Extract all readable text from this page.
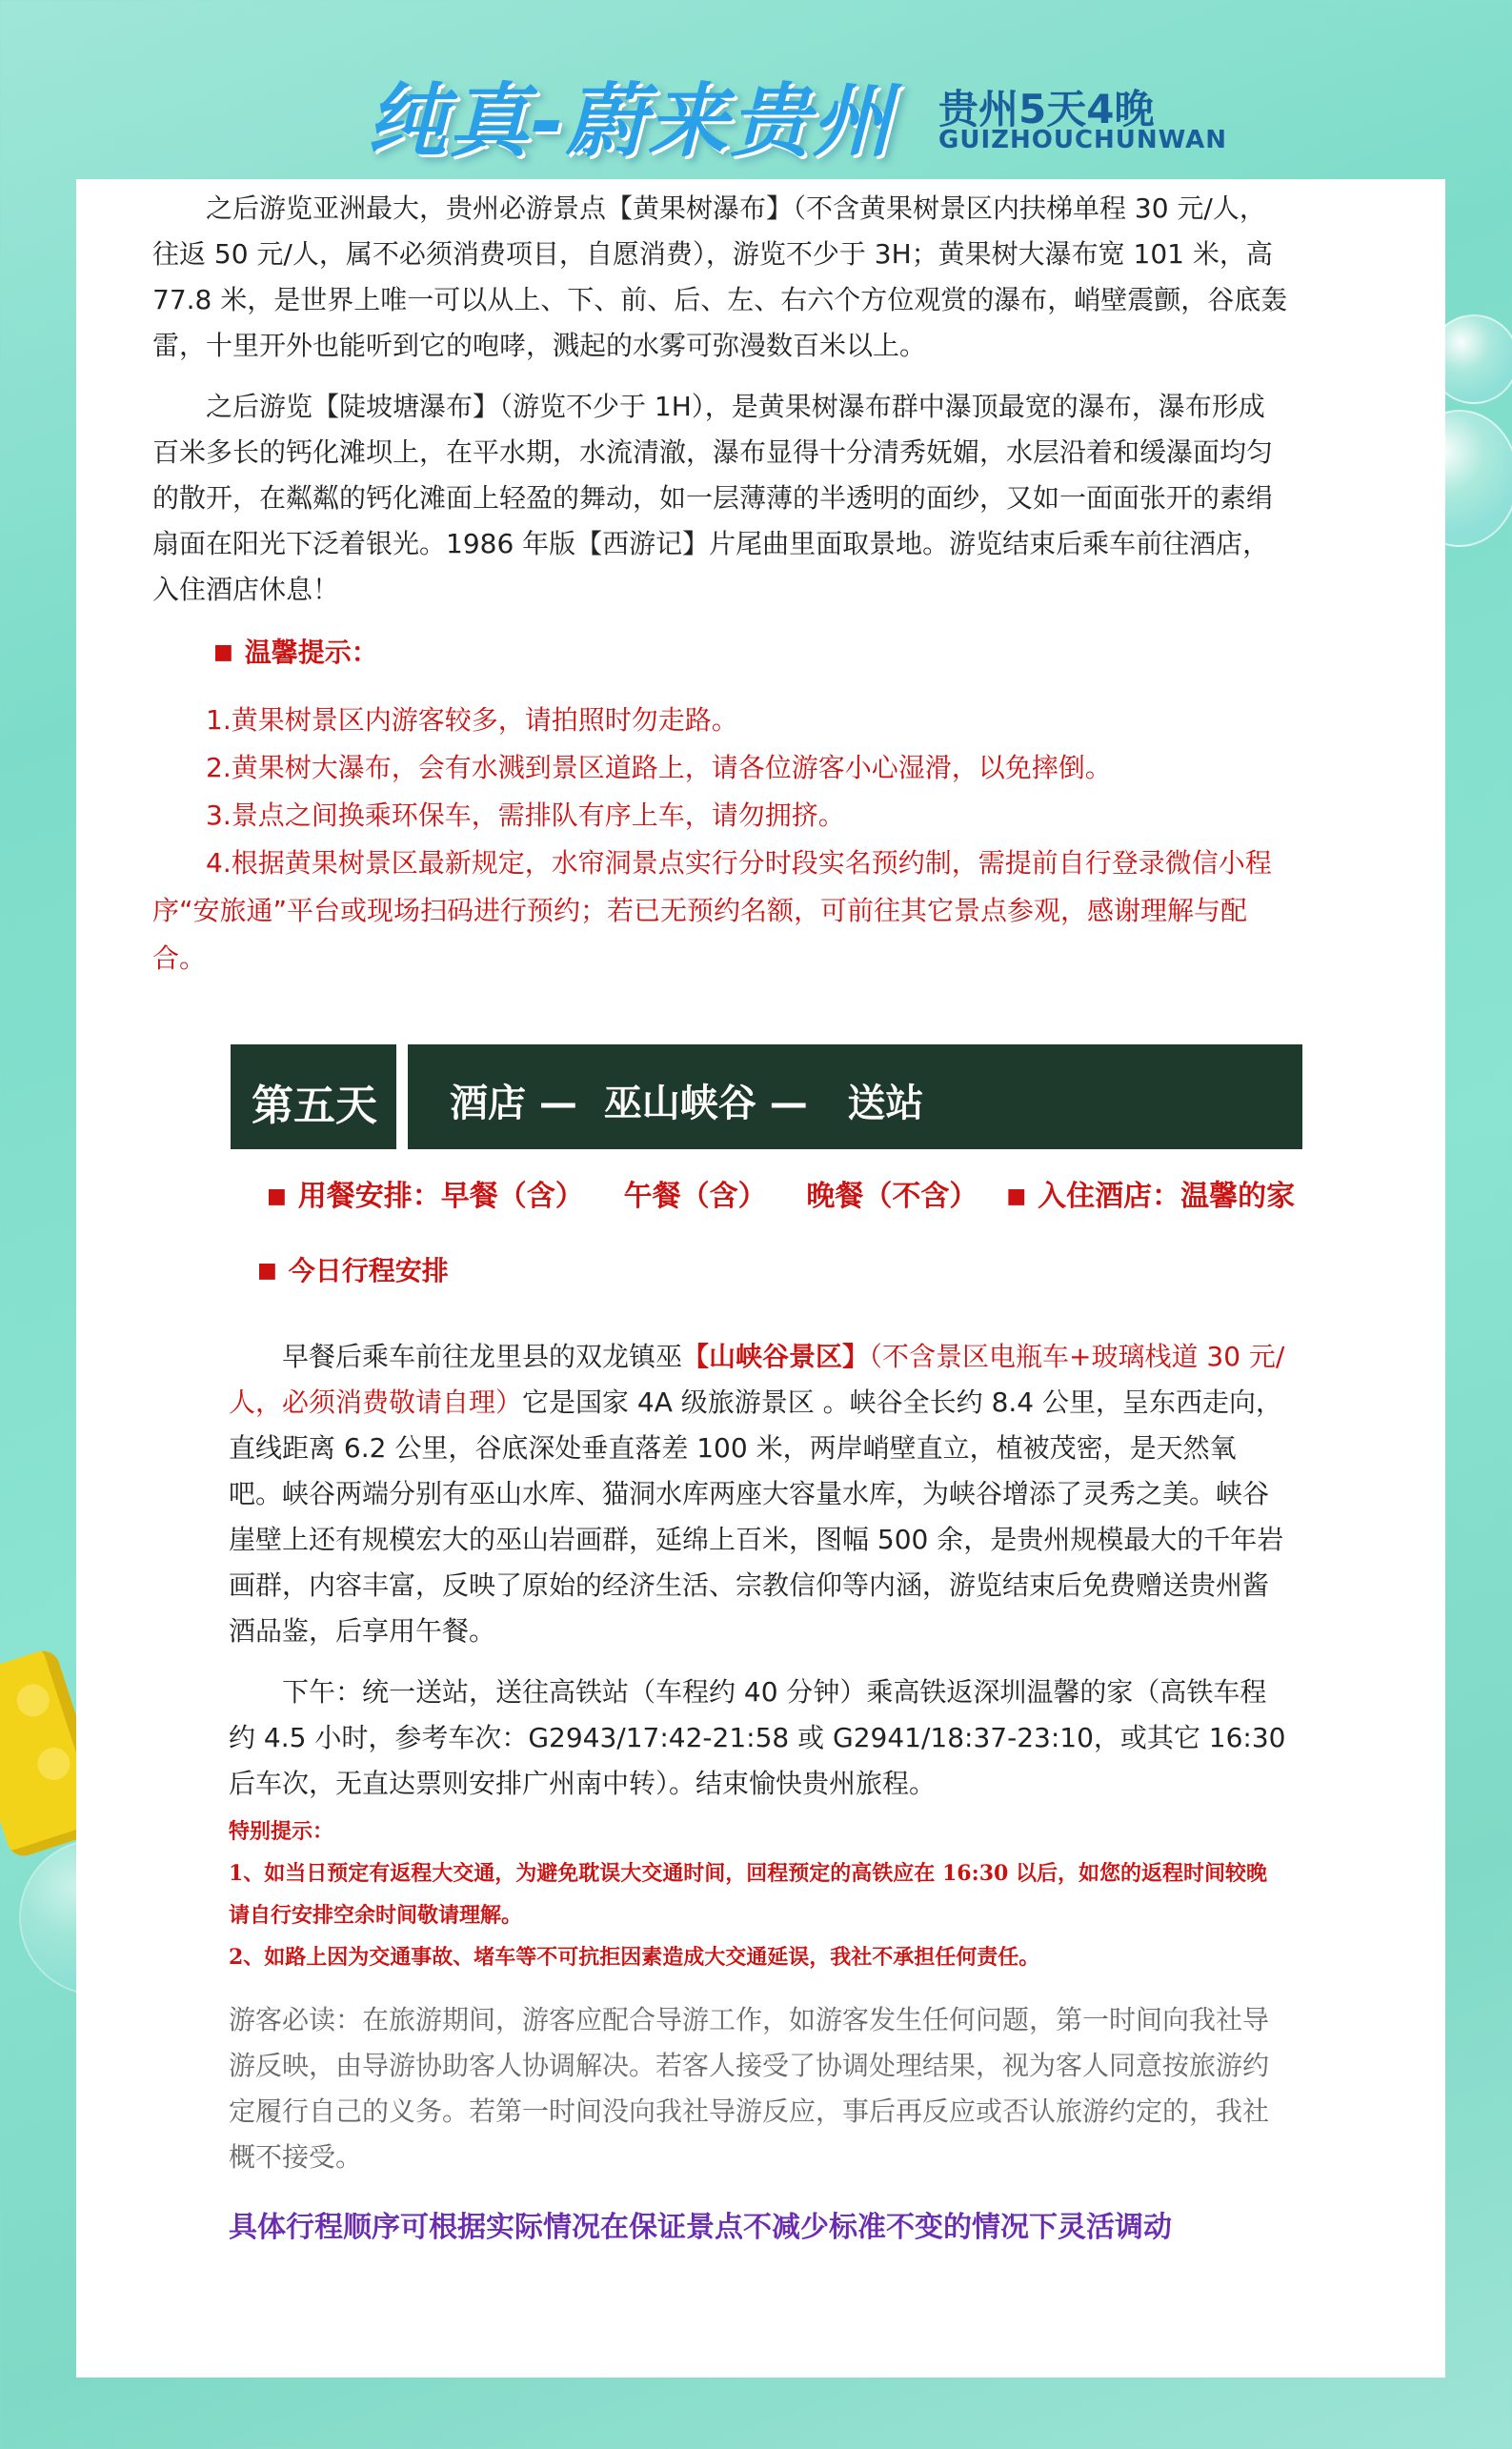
纯真-蔚来贵州 贵州5天4晚
GUIZHOUCHUNWAN

之后游览亚洲最大，贵州必游景点【黄果树瀑布】（不含黄果树景区内扶梯单程 30 元/人，往返 50 元/人，属不必须消费项目，自愿消费），游览不少于 3H；黄果树大瀑布宽 101 米，高 77.8 米，是世界上唯一可以从上、下、前、后、左、右六个方位观赏的瀑布，峭壁震颤，谷底轰雷，十里开外也能听到它的咆哮，溅起的水雾可弥漫数百米以上。

之后游览【陡坡塘瀑布】（游览不少于 1H），是黄果树瀑布群中瀑顶最宽的瀑布，瀑布形成百米多长的钙化滩坝上，在平水期，水流清澈，瀑布显得十分清秀妩媚，水层沿着和缓瀑面均匀的散开，在粼粼的钙化滩面上轻盈的舞动，如一层薄薄的半透明的面纱，又如一面面张开的素绢扇面在阳光下泛着银光。1986 年版【西游记】片尾曲里面取景地。游览结束后乘车前往酒店，入住酒店休息！

■ 温馨提示：

1.黄果树景区内游客较多，请拍照时勿走路。

2.黄果树大瀑布，会有水溅到景区道路上，请各位游客小心湿滑，以免摔倒。

3.景点之间换乘环保车，需排队有序上车，请勿拥挤。

4.根据黄果树景区最新规定，水帘洞景点实行分时段实名预约制，需提前自行登录微信小程序“安旅通”平台或现场扫码进行预约；若已无预约名额，可前往其它景点参观，感谢理解与配合。

第五天 酒店 —  巫山峡谷 —   送站
■ 用餐安排：早餐（含）    午餐（含）    晚餐（不含） ■ 入住酒店：温馨的家
■ 今日行程安排

早餐后乘车前往龙里县的双龙镇巫【山峡谷景区】（不含景区电瓶车+玻璃栈道 30 元/人，必须消费敬请自理）它是国家 4A 级旅游景区 。峡谷全长约 8.4 公里，呈东西走向，直线距离 6.2 公里，谷底深处垂直落差 100 米，两岸峭壁直立，植被茂密，是天然氧吧。峡谷两端分别有巫山水库、猫洞水库两座大容量水库，为峡谷增添了灵秀之美。峡谷崖壁上还有规模宏大的巫山岩画群，延绵上百米，图幅 500 余，是贵州规模最大的千年岩画群，内容丰富，反映了原始的经济生活、宗教信仰等内涵，游览结束后免费赠送贵州酱酒品鉴，后享用午餐。

下午：统一送站，送往高铁站（车程约 40 分钟）乘高铁返深圳温馨的家（高铁车程约 4.5 小时，参考车次：G2943/17:42-21:58 或 G2941/18:37-23:10，或其它 16:30 后车次，无直达票则安排广州南中转）。结束愉快贵州旅程。

特别提示：

1、如当日预定有返程大交通，为避免耽误大交通时间，回程预定的高铁应在 16:30 以后，如您的返程时间较晚请自行安排空余时间敬请理解。

2、如路上因为交通事故、堵车等不可抗拒因素造成大交通延误，我社不承担任何责任。

游客必读：在旅游期间，游客应配合导游工作，如游客发生任何问题，第一时间向我社导游反映，由导游协助客人协调解决。若客人接受了协调处理结果，视为客人同意按旅游约定履行自己的义务。若第一时间没向我社导游反应，事后再反应或否认旅游约定的，我社概不接受。

具体行程顺序可根据实际情况在保证景点不减少标准不变的情况下灵活调动
